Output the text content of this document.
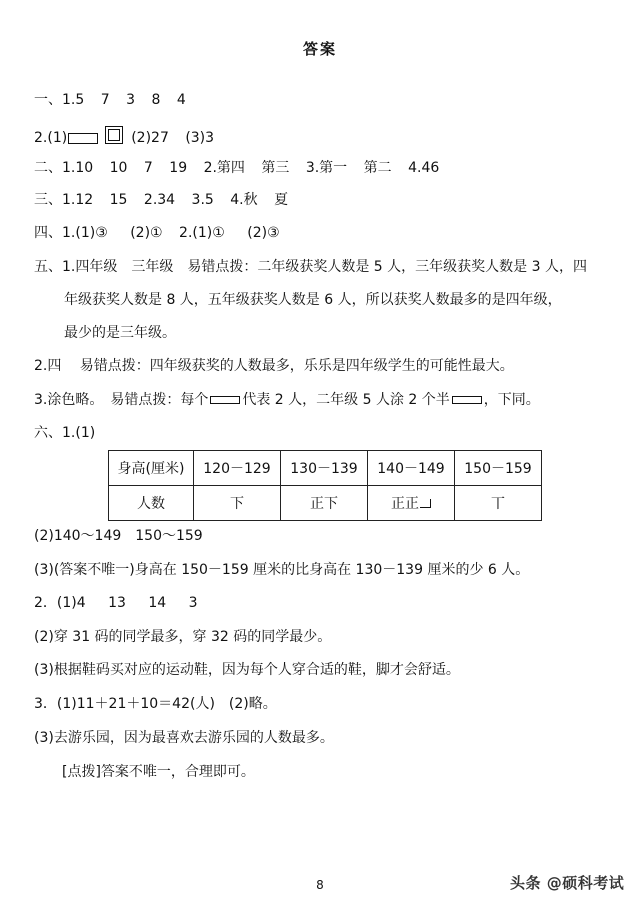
答案
一、1.5 7 3 8 4
2.(1)	(2)27 (3)3
二、1.10 10 7 19 2.第四 第三 3.第一 第二 4.46
三、1.12 15 2.34 3.5 4.秋 夏
四、1.(1)③ (2)① 2.(1)① (2)③
五、1.四年级　三年级　易错点拨：二年级获奖人数是 5 人，三年级获奖人数是 3 人，四
年级获奖人数是 8 人，五年级获奖人数是 6 人，所以获奖人数最多的是四年级，
最少的是三年级。
2.四　 易错点拨：四年级获奖的人数最多，乐乐是四年级学生的可能性最大。
3.涂色略。　易错点拨：每个 代表 2 人，二年级 5 人涂 2 个半 ，下同。
六、1.(1)
身高(厘米)	120－129	130－139	140－149	150－159
人数	下	正下	正正	丅
(2)140～149　150～159
(3)(答案不唯一)身高在 150－159 厘米的比身高在 130－139 厘米的少 6 人。
2．(1)4 13 14 3
(2)穿 31 码的同学最多，穿 32 码的同学最少。
(3)根据鞋码买对应的运动鞋，因为每个人穿合适的鞋，脚才会舒适。
3．(1)11＋21＋10＝42(人)　(2)略。
(3)去游乐园，因为最喜欢去游乐园的人数最多。
[点拨]答案不唯一，合理即可。
8	头条 @硕科考试
